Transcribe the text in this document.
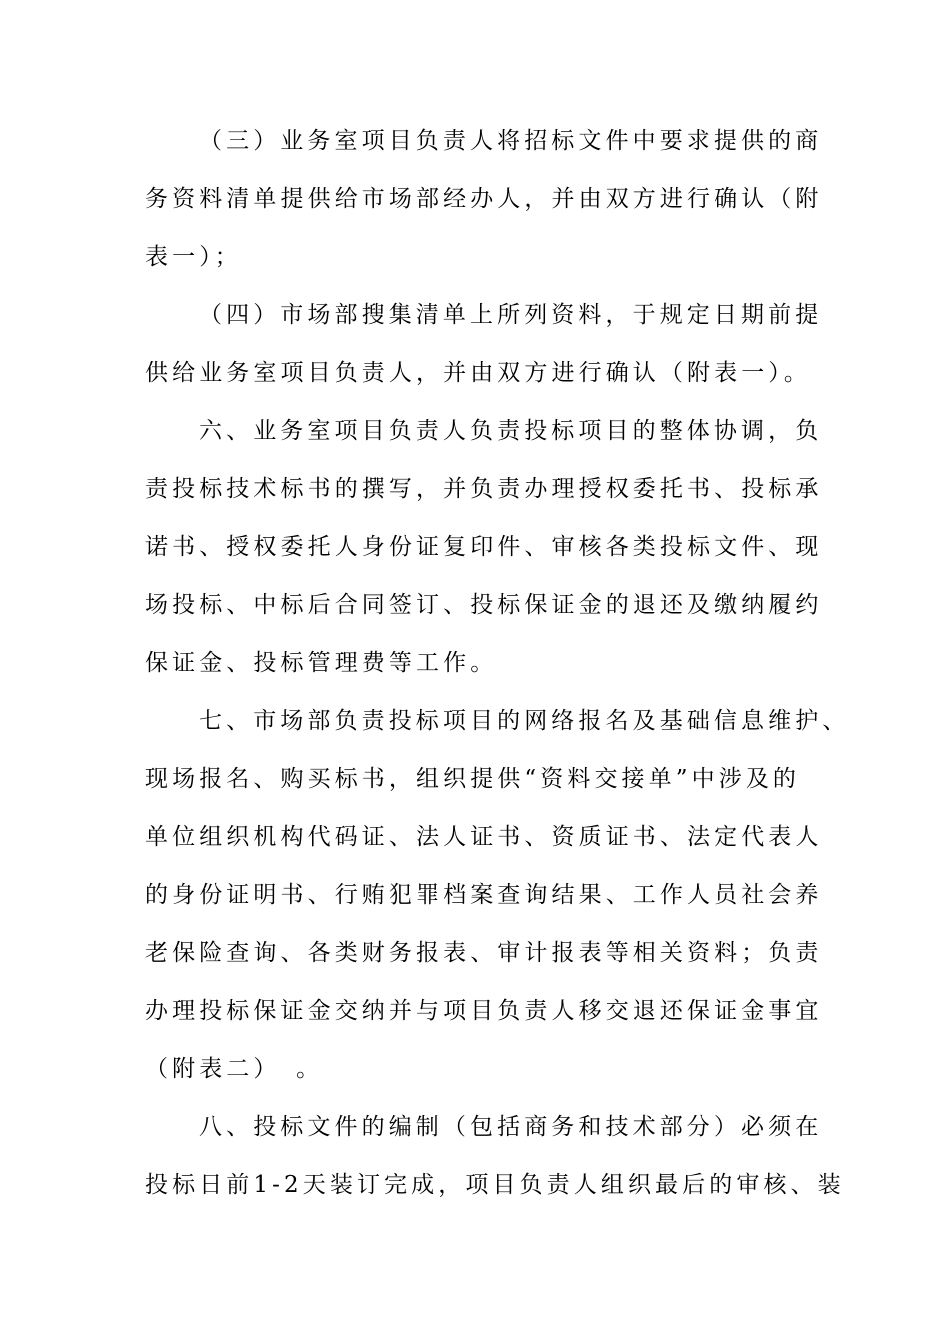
（三）业务室项目负责人将招标文件中要求提供的商
务资料清单提供给市场部经办人，并由双方进行确认（附
表一）；
（四）市场部搜集清单上所列资料，于规定日期前提
供给业务室项目负责人，并由双方进行确认（附表一）。
六、业务室项目负责人负责投标项目的整体协调，负
责投标技术标书的撰写，并负责办理授权委托书、投标承
诺书、授权委托人身份证复印件、审核各类投标文件、现
场投标、中标后合同签订、投标保证金的退还及缴纳履约
保证金、投标管理费等工作。
七、市场部负责投标项目的网络报名及基础信息维护、
现场报名、购买标书，组织提供“资料交接单”中涉及的
单位组织机构代码证、法人证书、资质证书、法定代表人
的身份证明书、行贿犯罪档案查询结果、工作人员社会养
老保险查询、各类财务报表、审计报表等相关资料；负责
办理投标保证金交纳并与项目负责人移交退还保证金事宜
（附表二）　。
八、投标文件的编制（包括商务和技术部分）必须在
投标日前1-2天装订完成，项目负责人组织最后的审核、装
